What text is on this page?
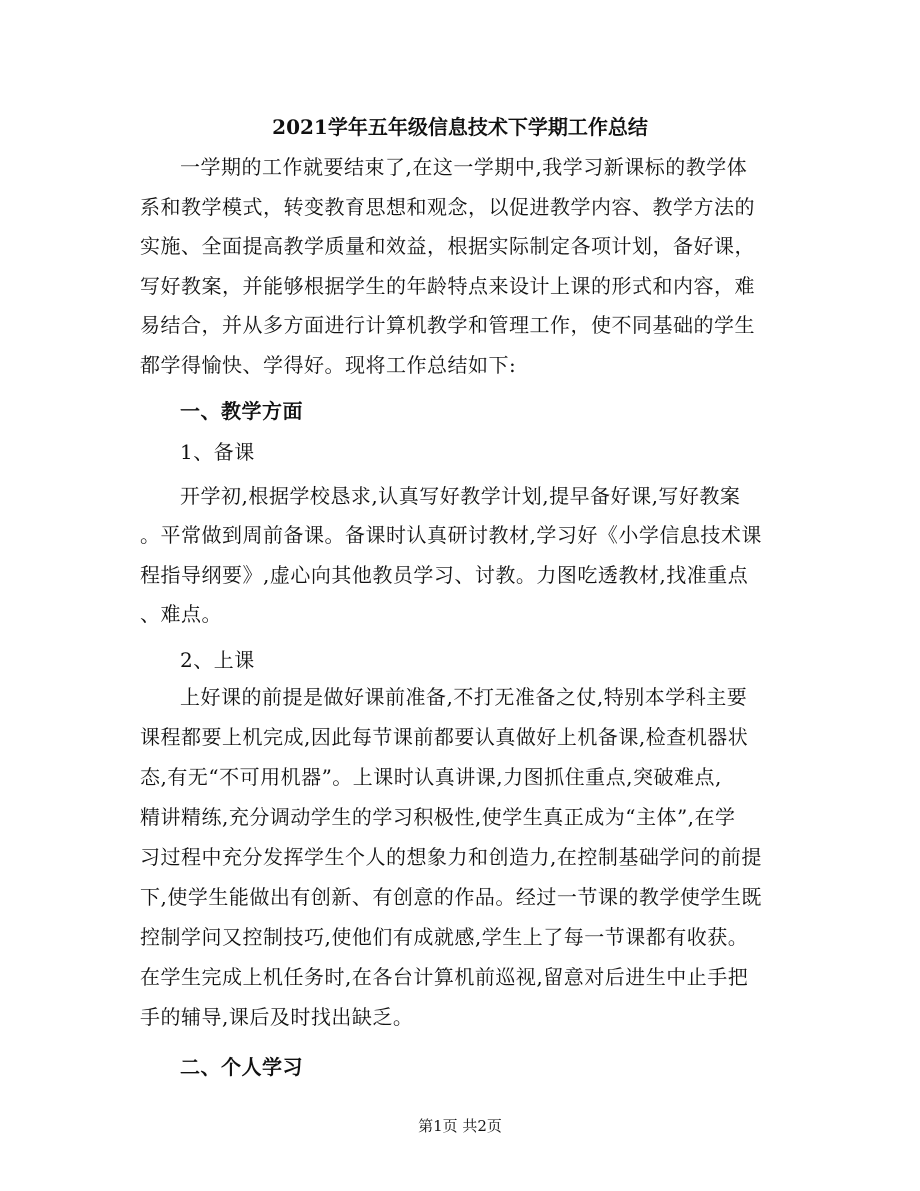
2021学年五年级信息技术下学期工作总结
一学期的工作就要结束了,在这一学期中,我学习新课标的教学体
系和教学模式，转变教育思想和观念，以促进教学内容、教学方法的
实施、全面提高教学质量和效益，根据实际制定各项计划，备好课，
写好教案，并能够根据学生的年龄特点来设计上课的形式和内容，难
易结合，并从多方面进行计算机教学和管理工作，使不同基础的学生
都学得愉快、学得好。现将工作总结如下:
一、教学方面
1、备课
开学初,根据学校恳求,认真写好教学计划,提早备好课,写好教案
。平常做到周前备课。备课时认真研讨教材,学习好《小学信息技术课
程指导纲要》,虚心向其他教员学习、讨教。力图吃透教材,找准重点
、难点。
2、上课
上好课的前提是做好课前准备,不打无准备之仗,特别本学科主要
课程都要上机完成,因此每节课前都要认真做好上机备课,检查机器状
态,有无“不可用机器”。上课时认真讲课,力图抓住重点,突破难点,
精讲精练,充分调动学生的学习积极性,使学生真正成为“主体”,在学
习过程中充分发挥学生个人的想象力和创造力,在控制基础学问的前提
下,使学生能做出有创新、有创意的作品。经过一节课的教学使学生既
控制学问又控制技巧,使他们有成就感,学生上了每一节课都有收获。
在学生完成上机任务时,在各台计算机前巡视,留意对后进生中止手把
手的辅导,课后及时找出缺乏。
二、个人学习
第1页 共2页
